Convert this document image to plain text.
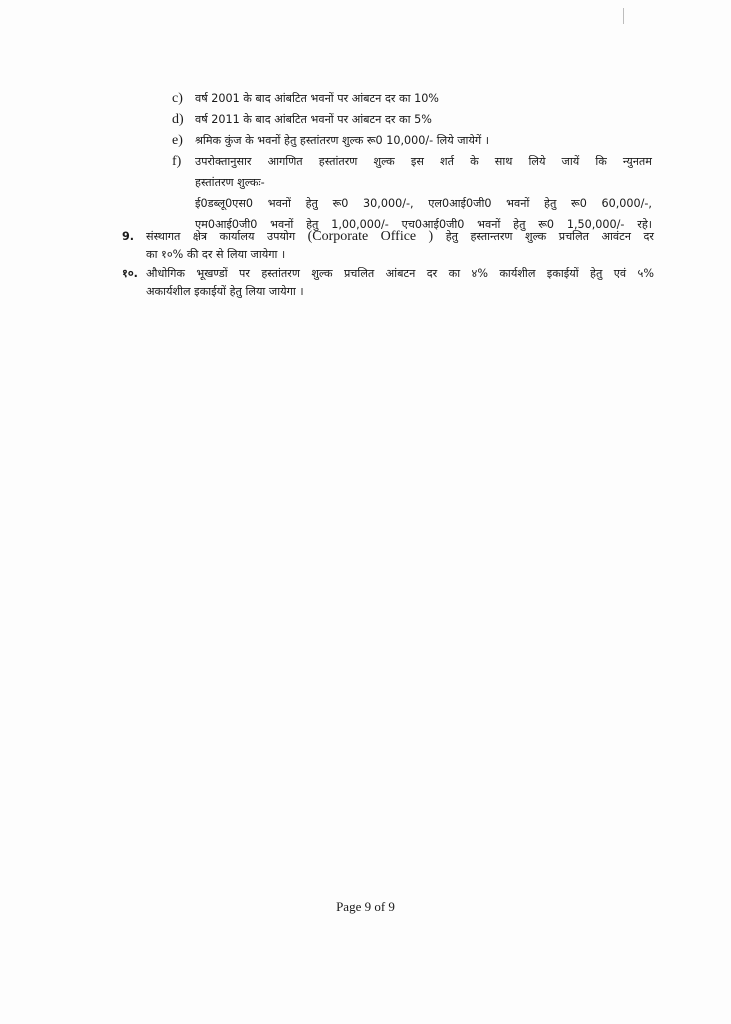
c)	वर्ष 2001 के बाद आंबटित भवनों पर आंबटन दर का 10%
d)	वर्ष 2011 के बाद आंबटित भवनों पर आंबटन दर का 5%
e)	श्रमिक कुंज के भवनों हेतु हस्तांतरण शुल्क रू0 10,000/- लिये जायेगें ।
f)	उपरोक्तानुसार आगणित हस्तांतरण शुल्क इस शर्त के साथ लिये जायें कि न्युनतम
हस्तांतरण शुल्कः-
ई0डब्लू0एस0 भवनों हेतु रू0 30,000/-, एल0आई0जी0 भवनों हेतु रू0 60,000/-,
एम0आई0जी0 भवनों हेतु 1,00,000/- एच0आई0जी0 भवनों हेतु रू0 1,50,000/- रहे।
9.	संस्थागत क्षेत्र कार्यालय उपयोग (Corporate Office ) हेतु हस्तान्तरण शुल्क प्रचलित आवंटन दर
का १०% की दर से लिया जायेगा ।
१०. औधोगिक भूखण्डों पर हस्तांतरण शुल्क प्रचलित आंबटन दर का ४% कार्यशील इकाईयों हेतु एवं ५%
अकार्यशील इकाईयों हेतु लिया जायेगा ।
Page 9 of 9
